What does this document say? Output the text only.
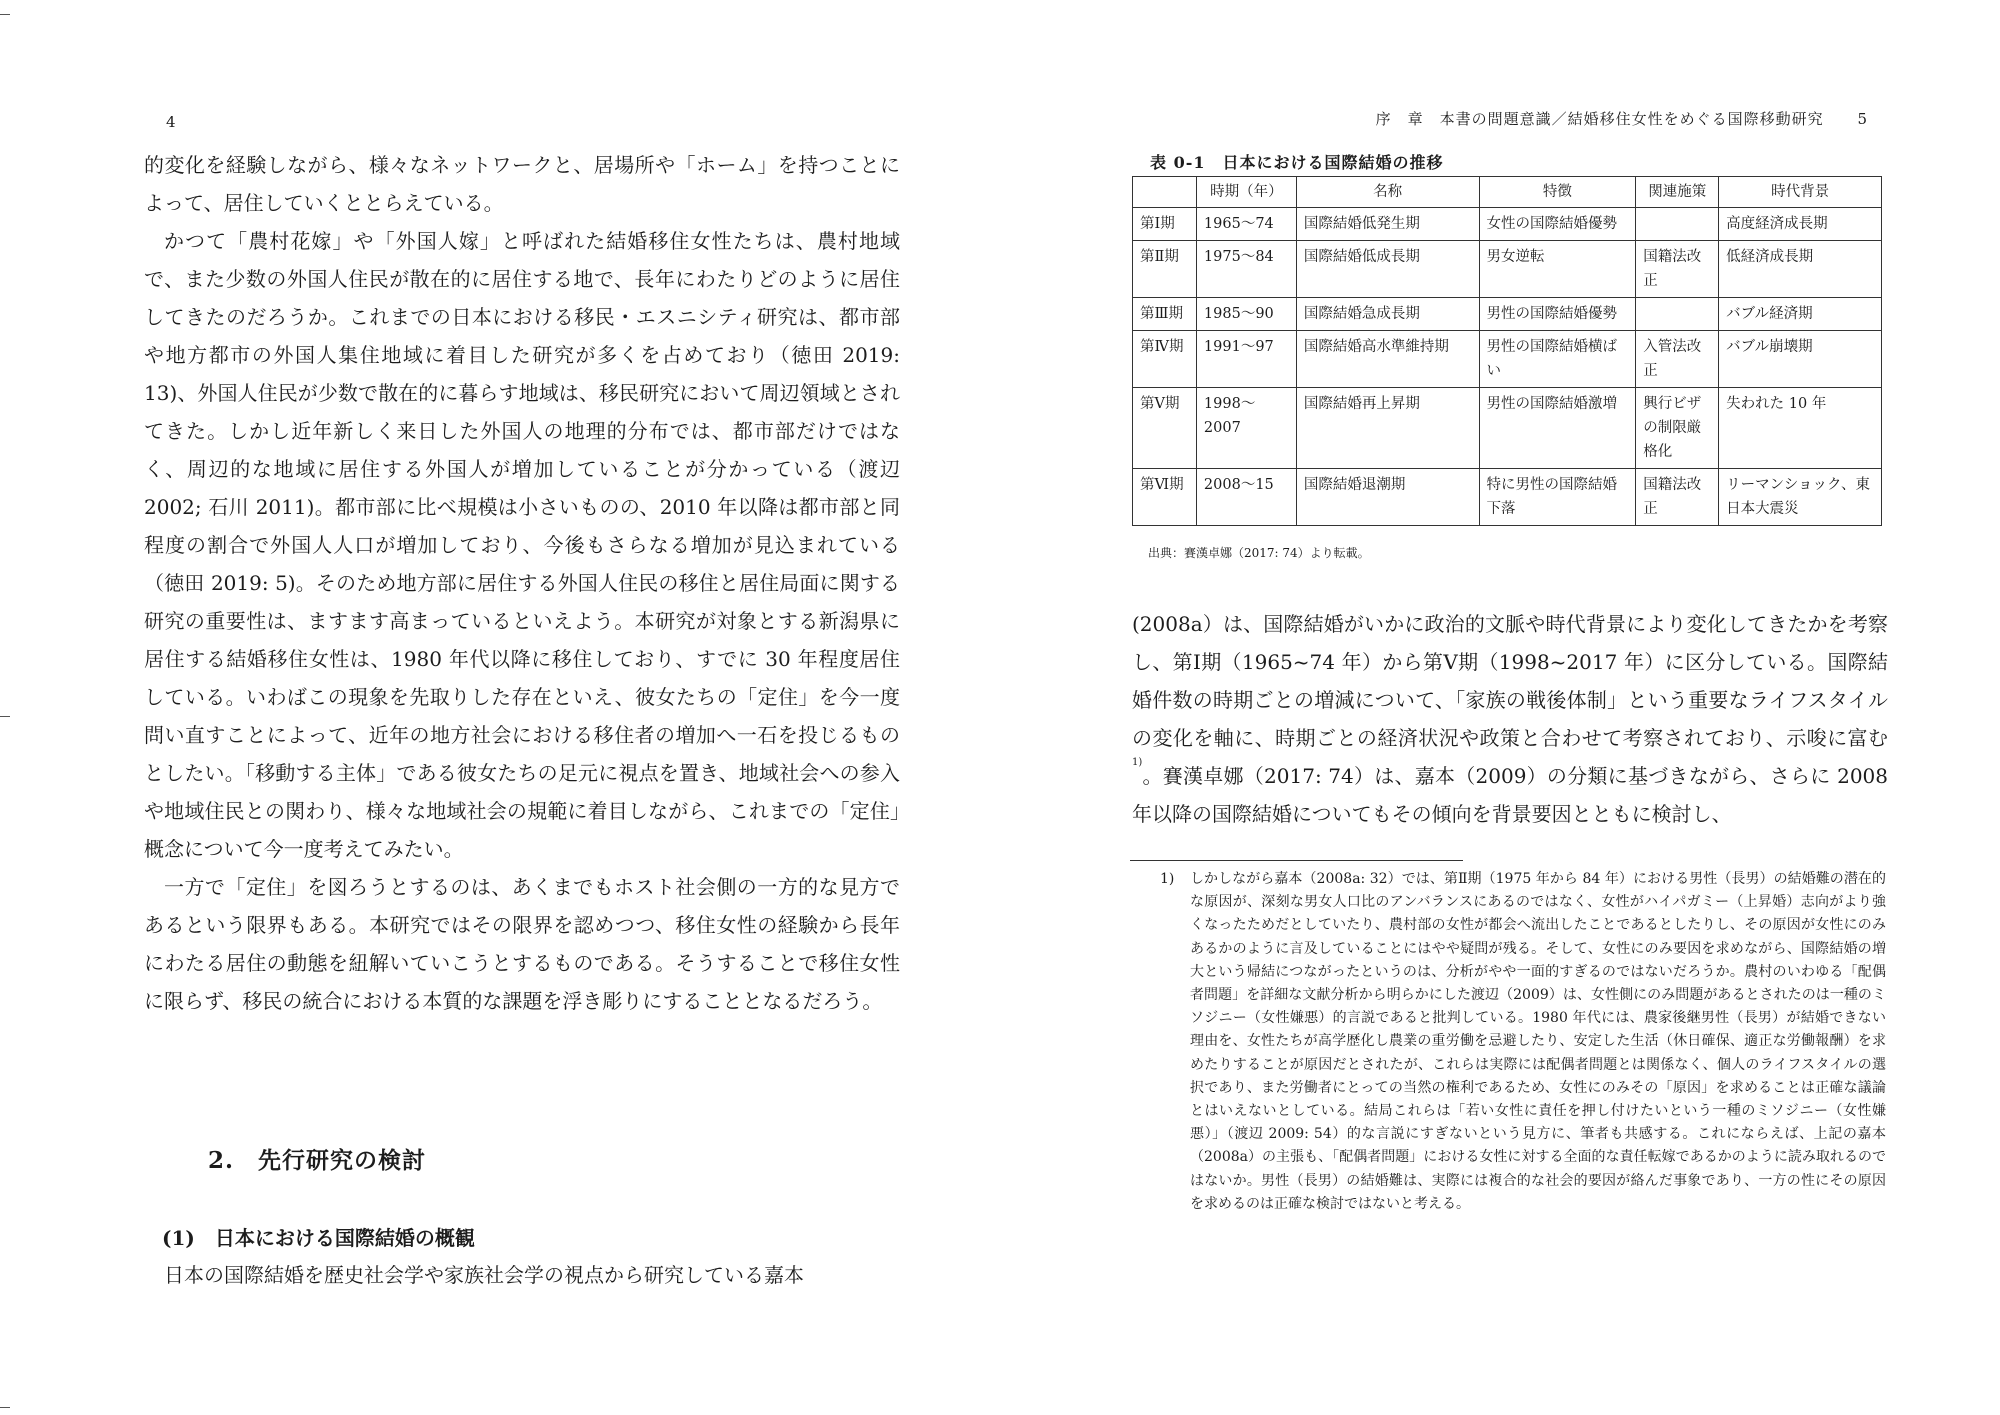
4

的変化を経験しながら、様々なネットワークと、居場所や「ホーム」を持つことによって、居住していくととらえている。

かつて「農村花嫁」や「外国人嫁」と呼ばれた結婚移住女性たちは、農村地域で、また少数の外国人住民が散在的に居住する地で、長年にわたりどのように居住してきたのだろうか。これまでの日本における移民・エスニシティ研究は、都市部や地方都市の外国人集住地域に着目した研究が多くを占めており（徳田 2019: 13)、外国人住民が少数で散在的に暮らす地域は、移民研究において周辺領域とされてきた。しかし近年新しく来日した外国人の地理的分布では、都市部だけではなく、周辺的な地域に居住する外国人が増加していることが分かっている（渡辺 2002; 石川 2011)。都市部に比べ規模は小さいものの、2010 年以降は都市部と同程度の割合で外国人人口が増加しており、今後もさらなる増加が見込まれている（徳田 2019: 5)。そのため地方部に居住する外国人住民の移住と居住局面に関する研究の重要性は、ますます高まっているといえよう。本研究が対象とする新潟県に居住する結婚移住女性は、1980 年代以降に移住しており、すでに 30 年程度居住している。いわばこの現象を先取りした存在といえ、彼女たちの「定住」を今一度問い直すことによって、近年の地方社会における移住者の増加へ一石を投じるものとしたい。「移動する主体」である彼女たちの足元に視点を置き、地域社会への参入や地域住民との関わり、様々な地域社会の規範に着目しながら、これまでの「定住」概念について今一度考えてみたい。

一方で「定住」を図ろうとするのは、あくまでもホスト社会側の一方的な見方であるという限界もある。本研究ではその限界を認めつつ、移住女性の経験から長年にわたる居住の動態を紐解いていこうとするものである。そうすることで移住女性に限らず、移民の統合における本質的な課題を浮き彫りにすることとなるだろう。

2.　先行研究の検討
(1)　日本における国際結婚の概観

日本の国際結婚を歴史社会学や家族社会学の視点から研究している嘉本

序　章　本書の問題意識／結婚移住女性をめぐる国際移動研究 5
表 0-1　日本における国際結婚の推移
	時期（年）	名称	特徴	関連施策	時代背景
第Ⅰ期	1965～74	国際結婚低発生期	女性の国際結婚優勢		高度経済成長期
第Ⅱ期	1975～84	国際結婚低成長期	男女逆転	国籍法改正	低経済成長期
第Ⅲ期	1985～90	国際結婚急成長期	男性の国際結婚優勢		バブル経済期
第Ⅳ期	1991～97	国際結婚高水準維持期	男性の国際結婚横ばい	入管法改正	バブル崩壊期
第Ⅴ期	1998～2007	国際結婚再上昇期	男性の国際結婚激増	興行ビザの制限厳格化	失われた 10 年
第Ⅵ期	2008～15	国際結婚退潮期	特に男性の国際結婚下落	国籍法改正	リーマンショック、東日本大震災
出典：賽漢卓娜（2017: 74）より転載。

(2008a）は、国際結婚がいかに政治的文脈や時代背景により変化してきたかを考察し、第Ⅰ期（1965~74 年）から第Ⅴ期（1998~2017 年）に区分している。国際結婚件数の時期ごとの増減について、「家族の戦後体制」という重要なライフスタイルの変化を軸に、時期ごとの経済状況や政策と合わせて考察されており、示唆に富む$^{1)}$。賽漢卓娜（2017: 74）は、嘉本（2009）の分類に基づきながら、さらに 2008 年以降の国際結婚についてもその傾向を背景要因とともに検討し、

1) しかしながら嘉本（2008a: 32）では、第Ⅱ期（1975 年から 84 年）における男性（長男）の結婚難の潜在的な原因が、深刻な男女人口比のアンバランスにあるのではなく、女性がハイパガミー（上昇婚）志向がより強くなったためだとしていたり、農村部の女性が都会へ流出したことであるとしたりし、その原因が女性にのみあるかのように言及していることにはやや疑問が残る。そして、女性にのみ要因を求めながら、国際結婚の増大という帰結につながったというのは、分析がやや一面的すぎるのではないだろうか。農村のいわゆる「配偶者問題」を詳細な文献分析から明らかにした渡辺（2009）は、女性側にのみ問題があるとされたのは一種のミソジニー（女性嫌悪）的言説であると批判している。1980 年代には、農家後継男性（長男）が結婚できない理由を、女性たちが高学歴化し農業の重労働を忌避したり、安定した生活（休日確保、適正な労働報酬）を求めたりすることが原因だとされたが、これらは実際には配偶者問題とは関係なく、個人のライフスタイルの選択であり、また労働者にとっての当然の権利であるため、女性にのみその「原因」を求めることは正確な議論とはいえないとしている。結局これらは「若い女性に責任を押し付けたいという一種のミソジニー（女性嫌悪）」（渡辺 2009: 54）的な言説にすぎないという見方に、筆者も共感する。これにならえば、上記の嘉本（2008a）の主張も、「配偶者問題」における女性に対する全面的な責任転嫁であるかのように読み取れるのではないか。男性（長男）の結婚難は、実際には複合的な社会的要因が絡んだ事象であり、一方の性にその原因を求めるのは正確な検討ではないと考える。
